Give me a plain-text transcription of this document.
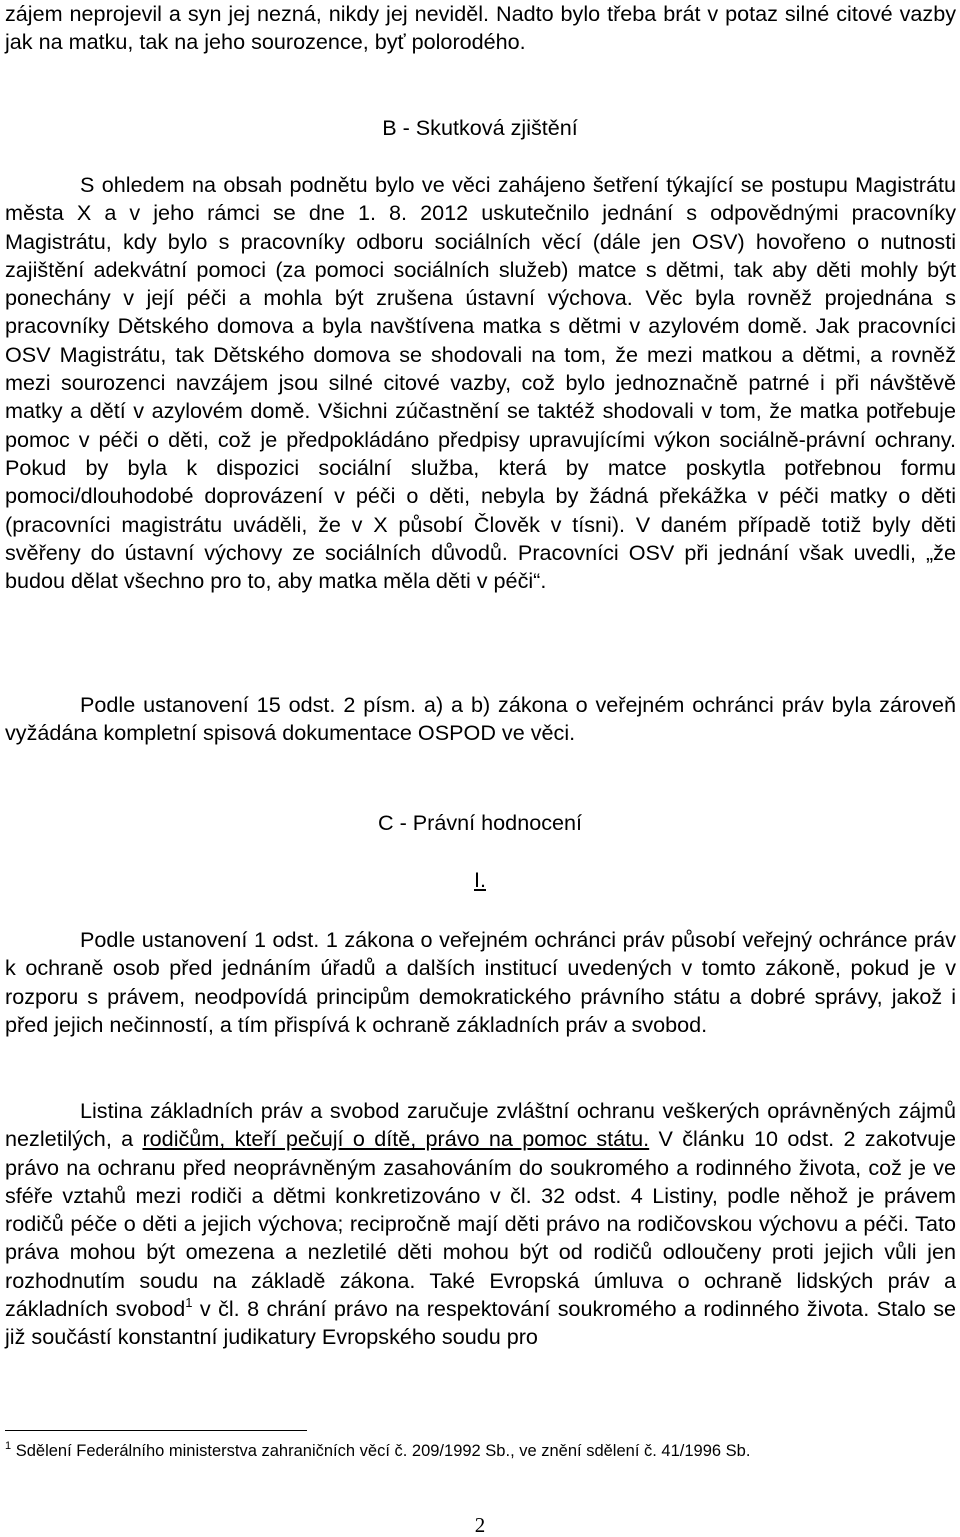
zájem neprojevil a syn jej nezná, nikdy jej neviděl. Nadto bylo třeba brát v potaz silné citové vazby jak na matku, tak na jeho sourozence, byť polorodého.

B - Skutková zjištění

S ohledem na obsah podnětu bylo ve věci zahájeno šetření týkající se postupu Magistrátu města X a v jeho rámci se dne 1. 8. 2012 uskutečnilo jednání s odpovědnými pracovníky Magistrátu, kdy bylo s pracovníky odboru sociálních věcí (dále jen OSV) hovořeno o nutnosti zajištění adekvátní pomoci (za pomoci sociálních služeb) matce s dětmi, tak aby děti mohly být ponechány v její péči a mohla být zrušena ústavní výchova. Věc byla rovněž projednána s pracovníky Dětského domova a byla navštívena matka s dětmi v azylovém domě. Jak pracovníci OSV Magistrátu, tak Dětského domova se shodovali na tom, že mezi matkou a dětmi, a rovněž mezi sourozenci navzájem jsou silné citové vazby, což bylo jednoznačně patrné i při návštěvě matky a dětí v azylovém domě. Všichni zúčastnění se taktéž shodovali v tom, že matka potřebuje pomoc v péči o děti, což je předpokládáno předpisy upravujícími výkon sociálně-právní ochrany. Pokud by byla k dispozici sociální služba, která by matce poskytla potřebnou formu pomoci/dlouhodobé doprovázení v péči o děti, nebyla by žádná překážka v péči matky o děti (pracovníci magistrátu uváděli, že v X působí Člověk v tísni). V daném případě totiž byly děti svěřeny do ústavní výchovy ze sociálních důvodů. Pracovníci OSV při jednání však uvedli, „že budou dělat všechno pro to, aby matka měla děti v péči“.

Podle ustanovení 15 odst. 2 písm. a) a b) zákona o veřejném ochránci práv byla zároveň vyžádána kompletní spisová dokumentace OSPOD ve věci.

C - Právní hodnocení

I.

Podle ustanovení 1 odst. 1 zákona o veřejném ochránci práv působí veřejný ochránce práv k ochraně osob před jednáním úřadů a dalších institucí uvedených v tomto zákoně, pokud je v rozporu s právem, neodpovídá principům demokratického právního státu a dobré správy, jakož i před jejich nečinností, a tím přispívá k ochraně základních práv a svobod.

Listina základních práv a svobod zaručuje zvláštní ochranu veškerých oprávněných zájmů nezletilých, a rodičům, kteří pečují o dítě, právo na pomoc státu. V článku 10 odst. 2 zakotvuje právo na ochranu před neoprávněným zasahováním do soukromého a rodinného života, což je ve sféře vztahů mezi rodiči a dětmi konkretizováno v čl. 32 odst. 4 Listiny, podle něhož je právem rodičů péče o děti a jejich výchova; recipročně mají děti právo na rodičovskou výchovu a péči. Tato práva mohou být omezena a nezletilé děti mohou být od rodičů odloučeny proti jejich vůli jen rozhodnutím soudu na základě zákona. Také Evropská úmluva o ochraně lidských práv a základních svobod$^1$ v čl. 8 chrání právo na respektování soukromého a rodinného života. Stalo se již součástí konstantní judikatury Evropského soudu pro

$^1$ Sdělení Federálního ministerstva zahraničních věcí č. 209/1992 Sb., ve znění sdělení č. 41/1996 Sb.
2
